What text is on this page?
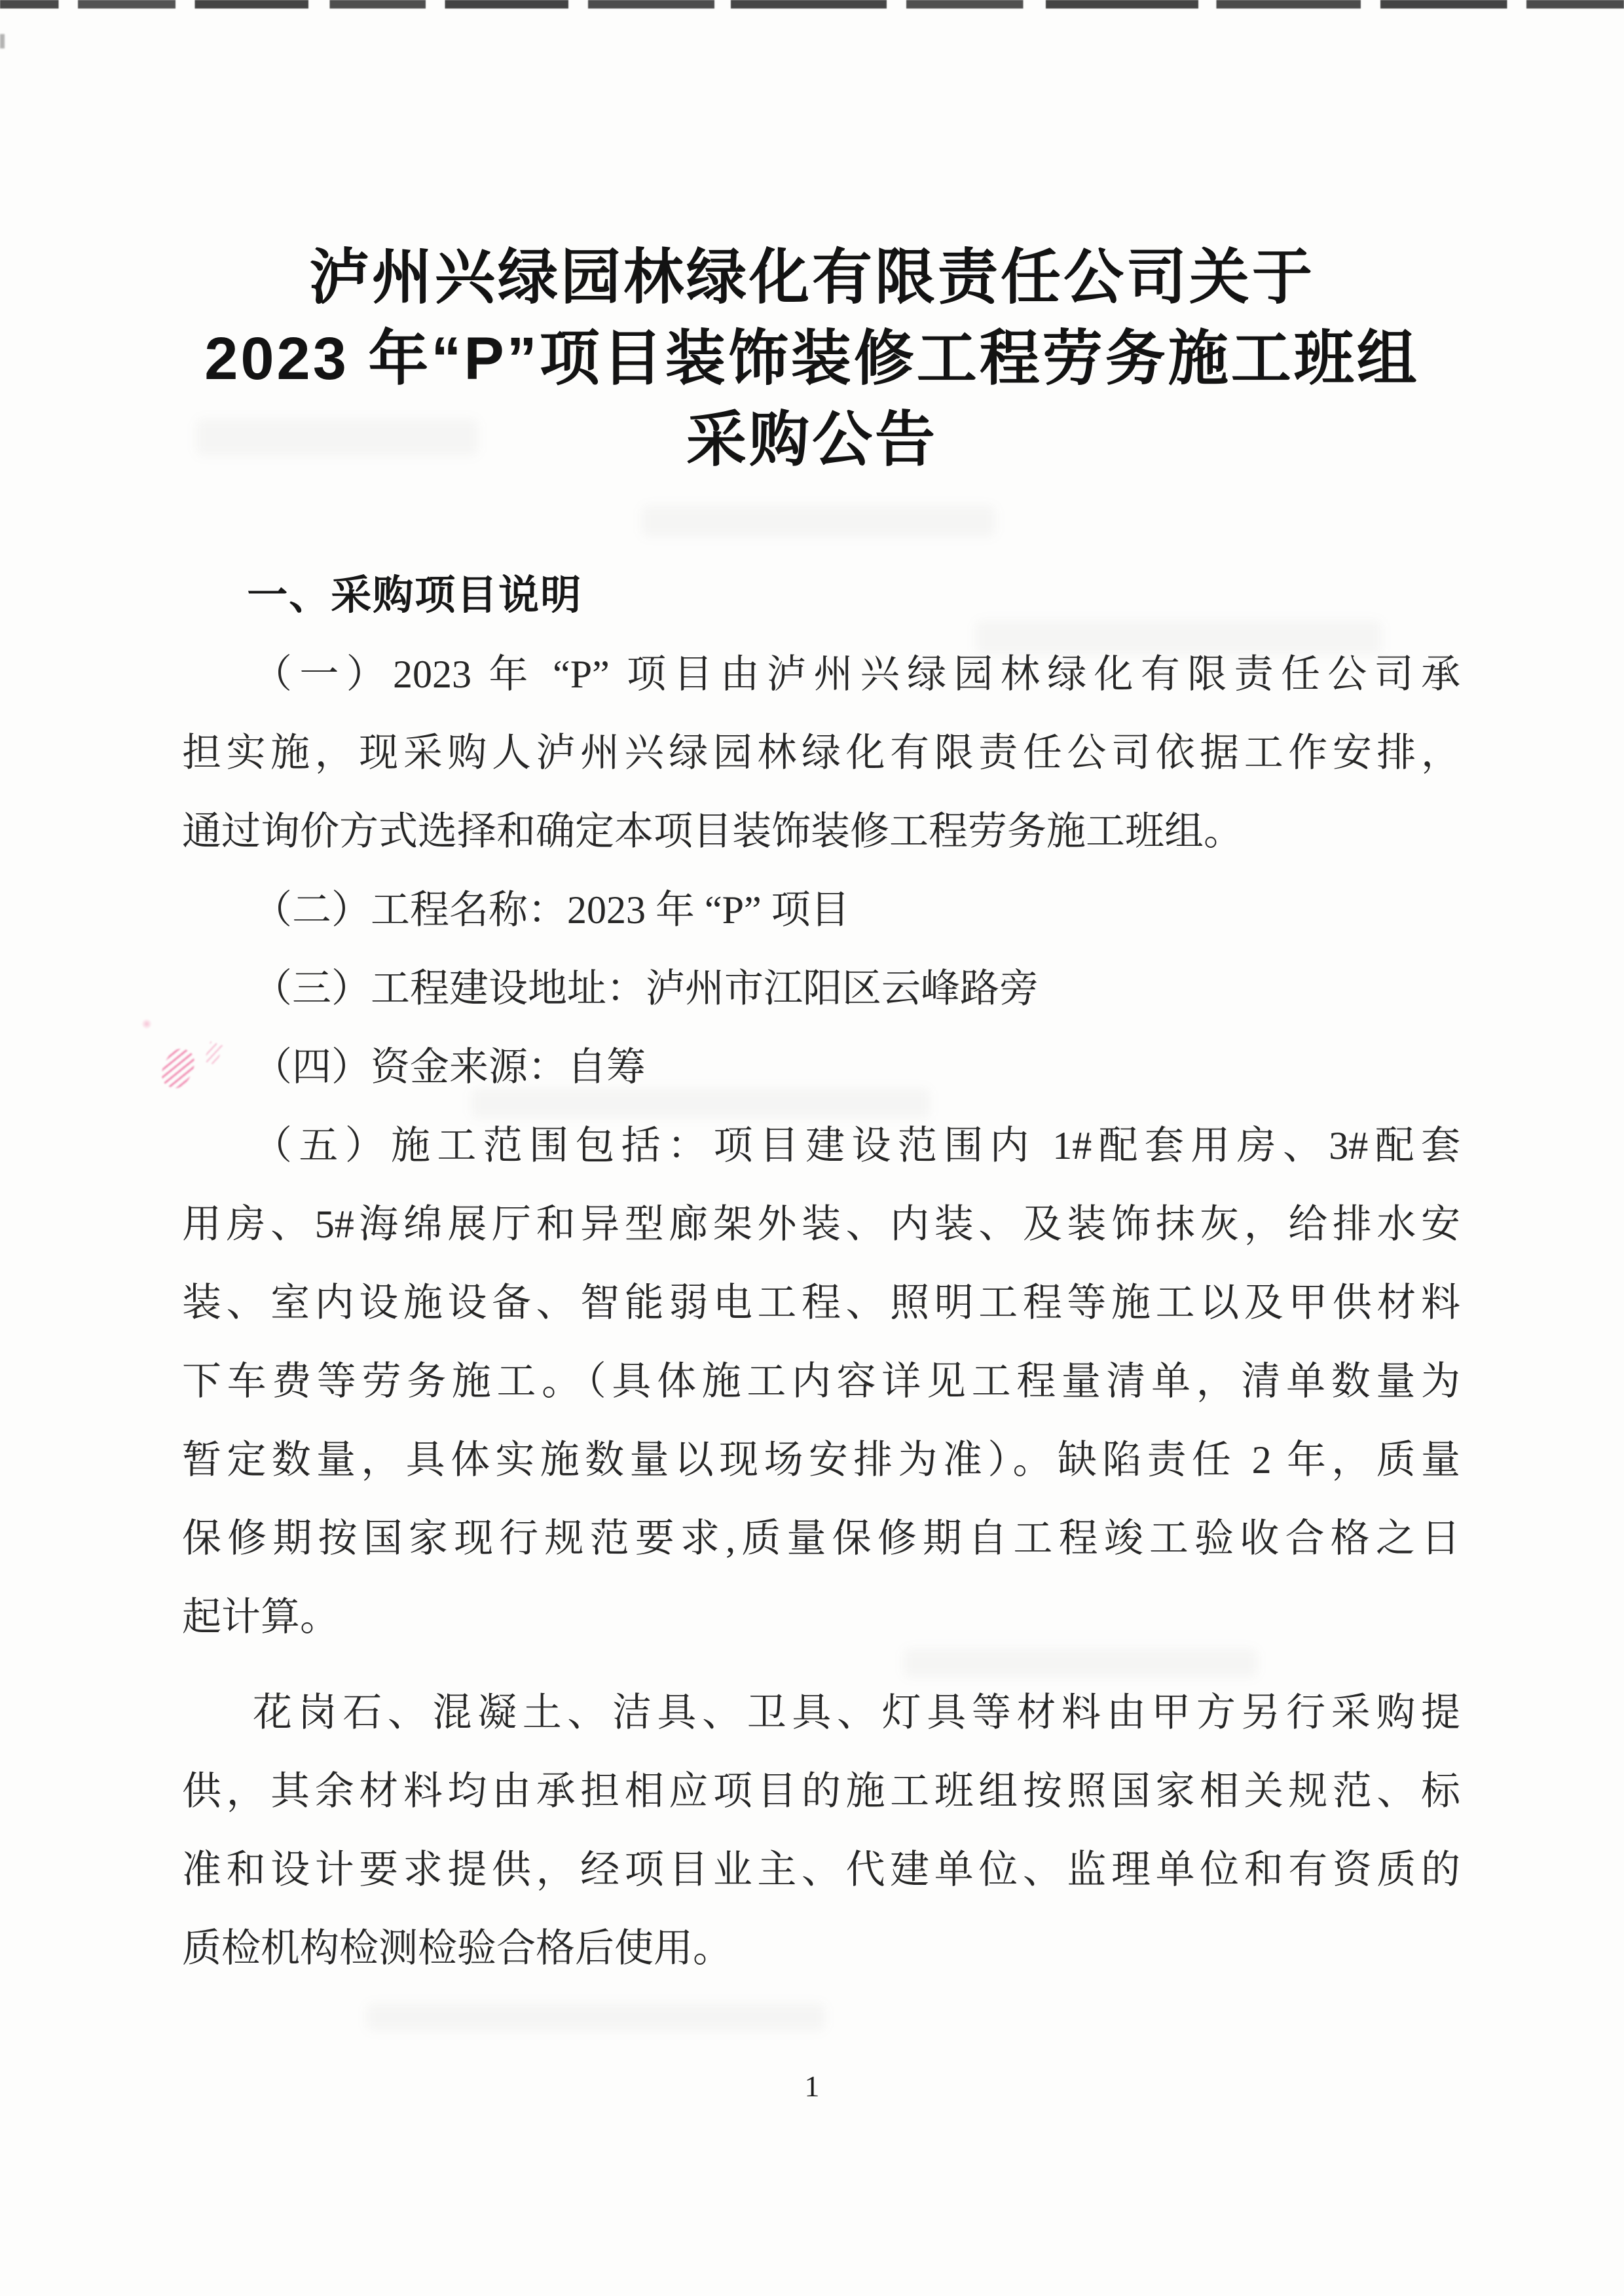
泸州兴绿园林绿化有限责任公司关于
2023 年“P”项目装饰装修工程劳务施工班组
采购公告
一、采购项目说明
（一）2023 年 “P” 项目由泸州兴绿园林绿化有限责任公司承
担实施，现采购人泸州兴绿园林绿化有限责任公司依据工作安排，
通过询价方式选择和确定本项目装饰装修工程劳务施工班组。
（二）工程名称：2023 年 “P” 项目
（三）工程建设地址：泸州市江阳区云峰路旁
（四）资金来源：自筹
（五）施工范围包括：项目建设范围内 1#配套用房、3#配套
用房、5#海绵展厅和异型廊架外装、内装、及装饰抹灰，给排水安
装、室内设施设备、智能弱电工程、照明工程等施工以及甲供材料
下车费等劳务施工。（具体施工内容详见工程量清单，清单数量为
暂定数量，具体实施数量以现场安排为准）。缺陷责任 2 年，质量
保修期按国家现行规范要求,质量保修期自工程竣工验收合格之日
起计算。
花岗石、混凝土、洁具、卫具、灯具等材料由甲方另行采购提
供，其余材料均由承担相应项目的施工班组按照国家相关规范、标
准和设计要求提供，经项目业主、代建单位、监理单位和有资质的
质检机构检测检验合格后使用。
1
